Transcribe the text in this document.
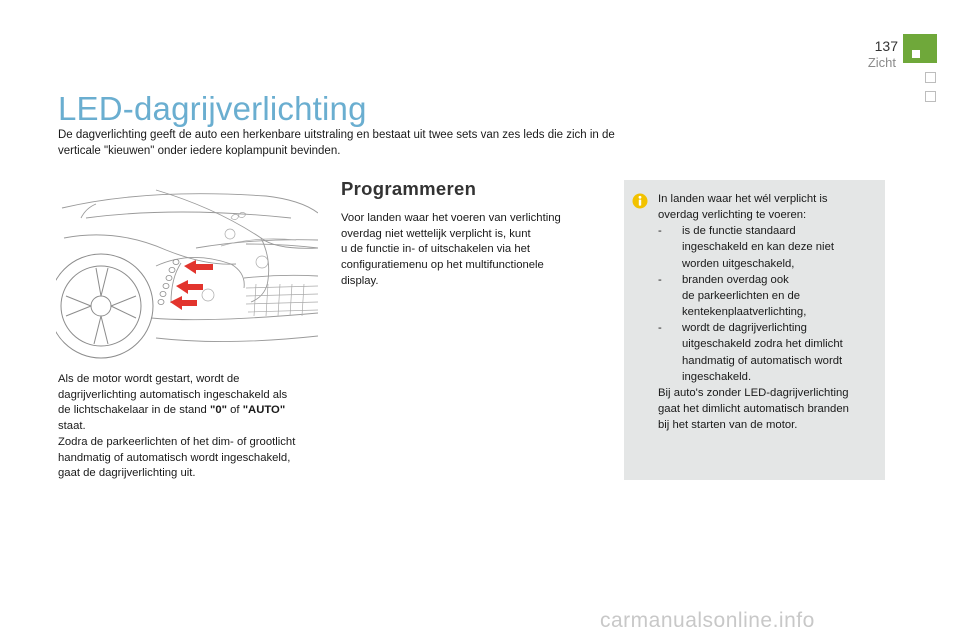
137
Zicht
LED-dagrijverlichting

De dagverlichting geeft de auto een herkenbare uitstraling en bestaat uit twee sets van zes leds die zich in de verticale "kieuwen" onder iedere koplampunit bevinden.

Als de motor wordt gestart, wordt de
dagrijverlichting automatisch ingeschakeld als
de lichtschakelaar in de stand "0" of "AUTO"
staat.
Zodra de parkeerlichten of het dim- of grootlicht
handmatig of automatisch wordt ingeschakeld,
gaat de dagrijverlichting uit.

Programmeren

Voor landen waar het voeren van verlichting
overdag niet wettelijk verplicht is, kunt
u de functie in- of uitschakelen via het
configuratiemenu op het multifunctionele
display.

In landen waar het wél verplicht is
overdag verlichting te voeren:
- is de functie standaard
ingeschakeld en kan deze niet
worden uitgeschakeld,
- branden overdag ook
de parkeerlichten en de
kentekenplaatverlichting,
- wordt de dagrijverlichting
uitgeschakeld zodra het dimlicht
handmatig of automatisch wordt
ingeschakeld.
Bij auto's zonder LED-dagrijverlichting
gaat het dimlicht automatisch branden
bij het starten van de motor.
carmanualsonline.info
